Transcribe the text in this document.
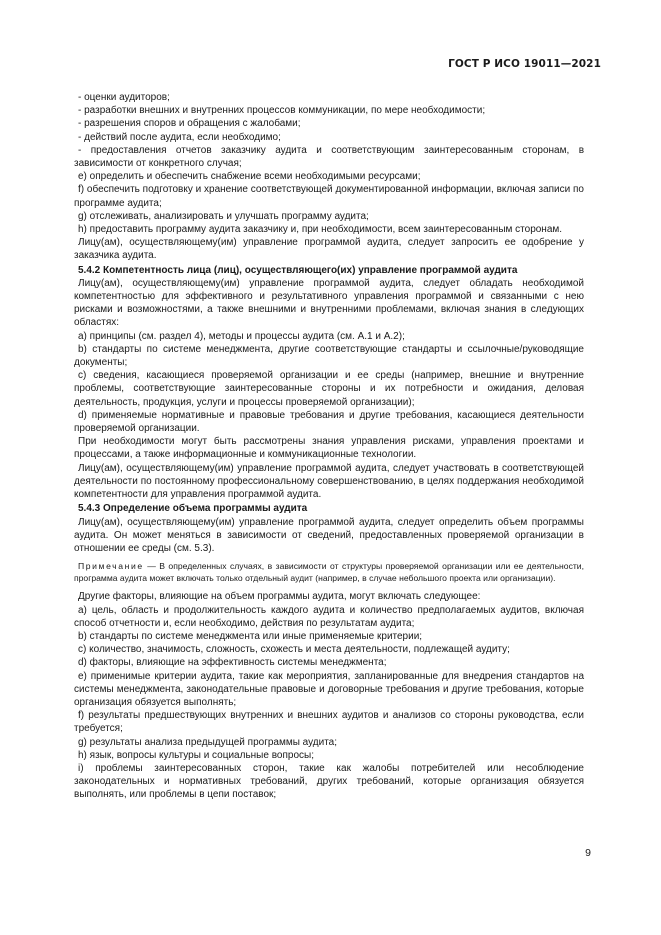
ГОСТ Р ИСО 19011—2021

- оценки аудиторов;

- разработки внешних и внутренних процессов коммуникации, по мере необходимости;

- разрешения споров и обращения с жалобами;

- действий после аудита, если необходимо;

- предоставления отчетов заказчику аудита и соответствующим заинтересованным сторонам, в зависимости от конкретного случая;

e) определить и обеспечить снабжение всеми необходимыми ресурсами;

f) обеспечить подготовку и хранение соответствующей документированной информации, включая записи по программе аудита;

g) отслеживать, анализировать и улучшать программу аудита;

h) предоставить программу аудита заказчику и, при необходимости, всем заинтересованным сторонам.

Лицу(ам), осуществляющему(им) управление программой аудита, следует запросить ее одобрение у заказчика аудита.

5.4.2 Компетентность лица (лиц), осуществляющего(их) управление программой аудита

Лицу(ам), осуществляющему(им) управление программой аудита, следует обладать необходимой компетентностью для эффективного и результативного управления программой и связанными с нею рисками и возможностями, а также внешними и внутренними проблемами, включая знания в следующих областях:

a) принципы (см. раздел 4), методы и процессы аудита (см. А.1 и А.2);

b) стандарты по системе менеджмента, другие соответствующие стандарты и ссылочные/руководящие документы;

c) сведения, касающиеся проверяемой организации и ее среды (например, внешние и внутренние проблемы, соответствующие заинтересованные стороны и их потребности и ожидания, деловая деятельность, продукция, услуги и процессы проверяемой организации);

d) применяемые нормативные и правовые требования и другие требования, касающиеся деятельности проверяемой организации.

При необходимости могут быть рассмотрены знания управления рисками, управления проектами и процессами, а также информационные и коммуникационные технологии.

Лицу(ам), осуществляющему(им) управление программой аудита, следует участвовать в соответствующей деятельности по постоянному профессиональному совершенствованию, в целях поддержания необходимой компетентности для управления программой аудита.

5.4.3 Определение объема программы аудита

Лицу(ам), осуществляющему(им) управление программой аудита, следует определить объем программы аудита. Он может меняться в зависимости от сведений, предоставленных проверяемой организации в отношении ее среды (см. 5.3).

Примечание — В определенных случаях, в зависимости от структуры проверяемой организации или ее деятельности, программа аудита может включать только отдельный аудит (например, в случае небольшого проекта или организации).

Другие факторы, влияющие на объем программы аудита, могут включать следующее:

a) цель, область и продолжительность каждого аудита и количество предполагаемых аудитов, включая способ отчетности и, если необходимо, действия по результатам аудита;

b) стандарты по системе менеджмента или иные применяемые критерии;

c) количество, значимость, сложность, схожесть и места деятельности, подлежащей аудиту;

d) факторы, влияющие на эффективность системы менеджмента;

e) применимые критерии аудита, такие как мероприятия, запланированные для внедрения стандартов на системы менеджмента, законодательные правовые и договорные требования и другие требования, которые организация обязуется выполнять;

f) результаты предшествующих внутренних и внешних аудитов и анализов со стороны руководства, если требуется;

g) результаты анализа предыдущей программы аудита;

h) язык, вопросы культуры и социальные вопросы;

i) проблемы заинтересованных сторон, такие как жалобы потребителей или несоблюдение законодательных и нормативных требований, других требований, которые организация обязуется выполнять, или проблемы в цепи поставок;

9
